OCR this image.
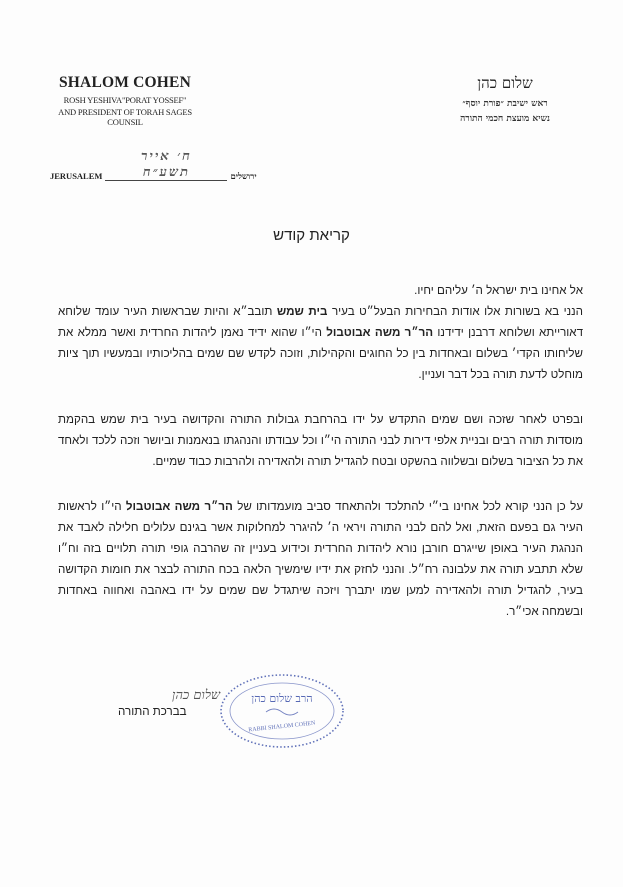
SHALOM COHEN
ROSH YESHIVA"PORAT YOSSEF"
AND PRESIDENT OF TORAH SAGES COUNSIL
שלום כהן
ראש ישיבת ״פורת יוסף״
נשיא מועצת חכמי התורה
JERUSALEM
ח׳ אייר תשע״ח	ירושלים
קריאת קודש

אל אחינו בית ישראל ה׳ עליהם יחיו.

הנני בא בשורות אלו אודות הבחירות הבעל״ט בעיר בית שמש תובב״א והיות שבראשות העיר עומד שלוחא דאורייתא ושלוחא דרבנן ידידנו הר״ר משה אבוטבול הי״ו שהוא ידיד נאמן ליהדות החרדית ואשר ממלא את שליחותו הקדי׳ בשלום ובאחדות בין כל החוגים והקהילות, וזוכה לקדש שם שמים בהליכותיו ובמעשיו תוך ציות מוחלט לדעת תורה בכל דבר ועניין.

ובפרט לאחר שזכה ושם שמים התקדש על ידו בהרחבת גבולות התורה והקדושה בעיר בית שמש בהקמת מוסדות תורה רבים ובניית אלפי דירות לבני התורה הי״ו וכל עבודתו והנהגתו בנאמנות וביושר וזכה ללכד ולאחד את כל הציבור בשלום ובשלווה בהשקט ובטח להגדיל תורה ולהאדירה ולהרבות כבוד שמיים.

על כן הנני קורא לכל אחינו בי״י להתלכד ולהתאחד סביב מועמדותו של הר״ר משה אבוטבול הי״ו לראשות העיר גם בפעם הזאת, ואל להם לבני התורה ויראי ה׳ להיגרר למחלוקות אשר בגינם עלולים חלילה לאבד את הנהגת העיר באופן שייגרם חורבן נורא ליהדות החרדית וכידוע בעניין זה שהרבה גופי תורה תלויים בזה וח״ו שלא תתבע תורה את עלבונה רח״ל. והנני לחזק את ידיו שימשיך הלאה בכח התורה לבצר את חומות הקדושה בעיר, להגדיל תורה ולהאדירה למען שמו יתברך ויזכה שיתגדל שם שמים על ידו באהבה ואחווה באחדות ובשמחה אכי״ר.

שלום כהן
בברכת התורה
הרב שלום כהן
RABBI SHALOM COHEN
